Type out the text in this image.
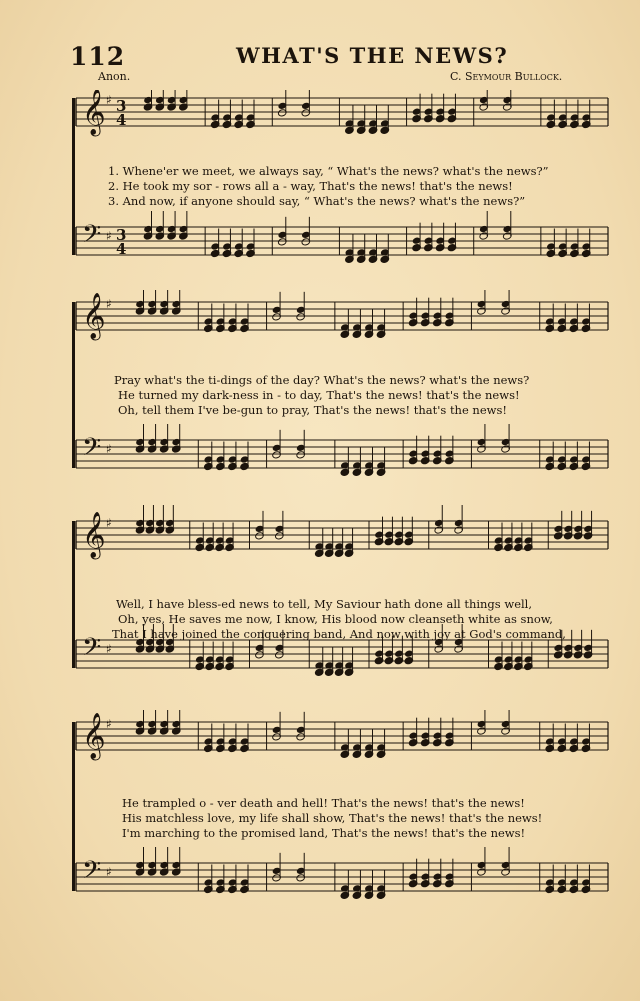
112	WHAT'S THE NEWS?
Anon.	C. Seymour Bullock.
𝄞 ♯ 3
4
𝄢 ♯ 3
4
1. Whene'er we meet, we always say, “ What's the news? what's the news?”
2. He took my sor - rows all a - way, That's the news! that's the news!
3. And now, if anyone should say, “ What's the news? what's the news?”
𝄞 ♯
𝄢 ♯
Pray what's the ti-dings of the day? What's the news? what's the news?
He turned my dark-ness in - to day, That's the news! that's the news!
Oh, tell them I've be-gun to pray, That's the news! that's the news!
𝄞 ♯
𝄢 ♯
Well, I have bless-ed news to tell, My Saviour hath done all things well,
Oh, yes, He saves me now, I know, His blood now cleanseth white as snow,
That I have joined the conquering band, And now with joy at God's command,
𝄞 ♯
𝄢 ♯
He trampled o - ver death and hell! That's the news! that's the news!
His matchless love, my life shall show, That's the news! that's the news!
I'm marching to the promised land, That's the news! that's the news!
